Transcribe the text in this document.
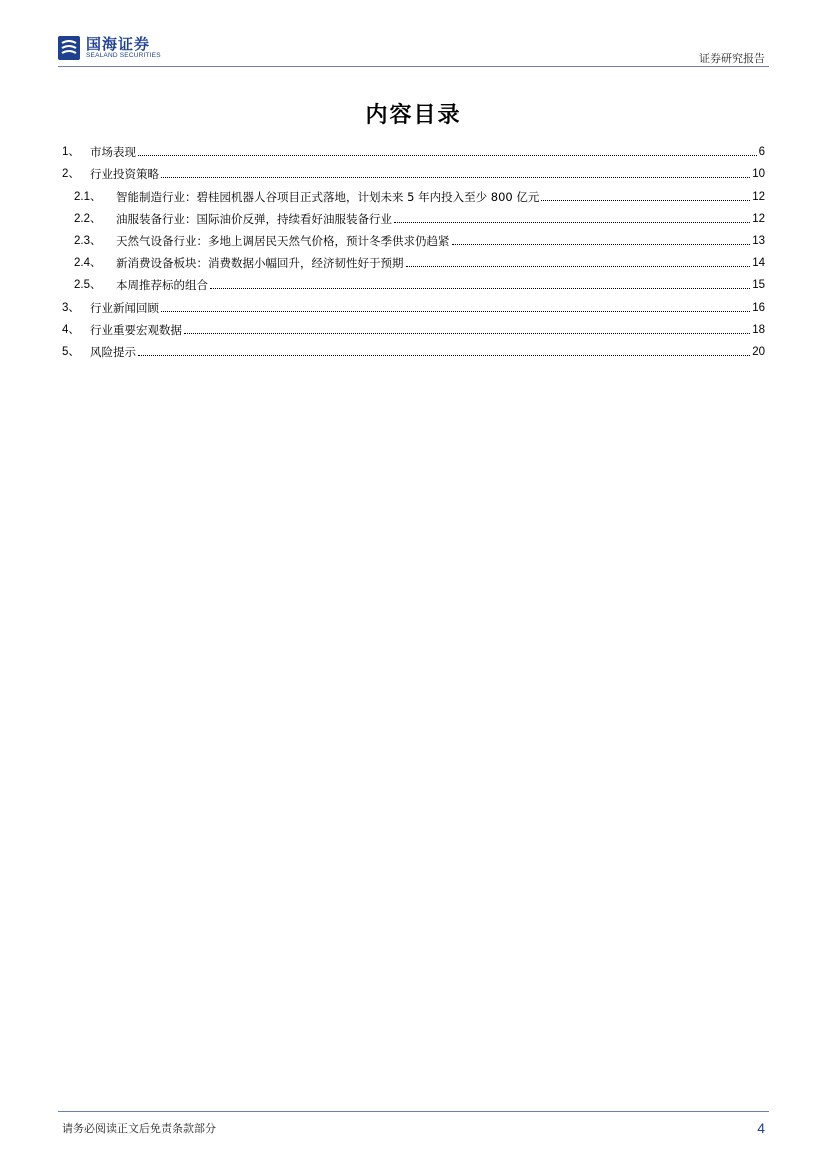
国海证券
SEALAND SECURITIES	证券研究报告
内容目录
1、 市场表现	6
2、 行业投资策略	10
2.1、	智能制造行业：碧桂园机器人谷项目正式落地，计划未来 5 年内投入至少 800 亿元	12
2.2、	油服装备行业：国际油价反弹，持续看好油服装备行业	12
2.3、	天然气设备行业：多地上调居民天然气价格，预计冬季供求仍趋紧	13
2.4、	新消费设备板块：消费数据小幅回升，经济韧性好于预期	14
2.5、	本周推荐标的组合	15
3、 行业新闻回顾	16
4、 行业重要宏观数据	18
5、 风险提示	20
请务必阅读正文后免责条款部分	4
